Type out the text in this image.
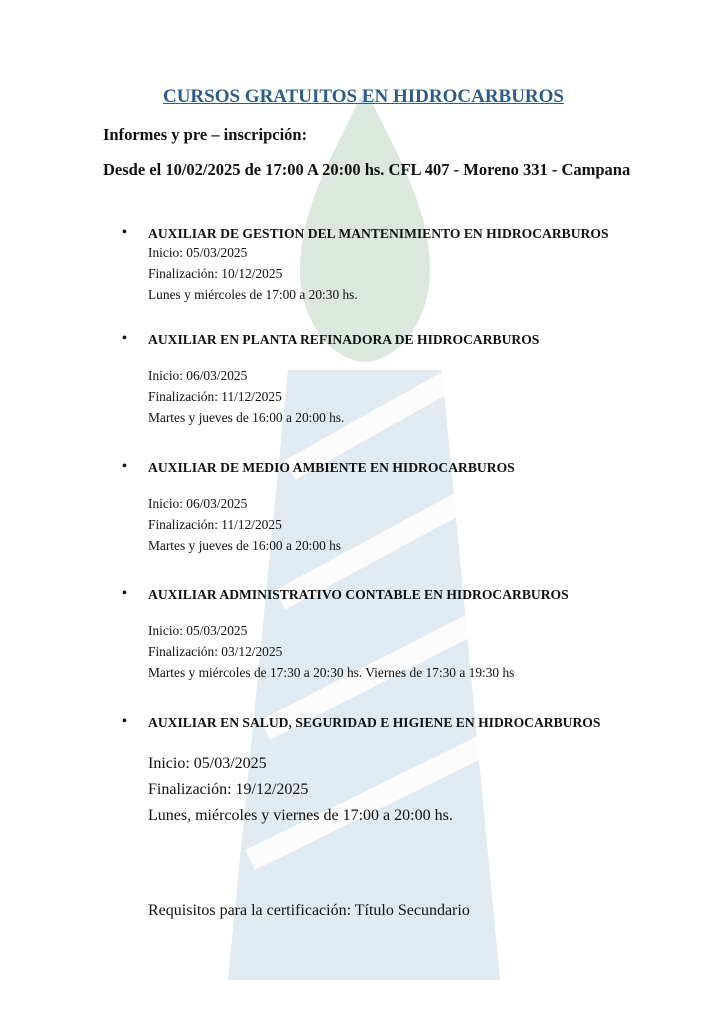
CURSOS GRATUITOS EN HIDROCARBUROS

Informes y pre – inscripción:

Desde el 10/02/2025 de 17:00 A 20:00 hs. CFL 407 - Moreno 331 - Campana

• AUXILIAR DE GESTION DEL MANTENIMIENTO EN HIDROCARBUROS
Inicio: 05/03/2025
Finalización: 10/12/2025
Lunes y miércoles de 17:00 a 20:30 hs.
• AUXILIAR EN PLANTA REFINADORA DE HIDROCARBUROS
Inicio: 06/03/2025
Finalización: 11/12/2025
Martes y jueves de 16:00 a 20:00 hs.
• AUXILIAR DE MEDIO AMBIENTE EN HIDROCARBUROS
Inicio: 06/03/2025
Finalización: 11/12/2025
Martes y jueves de 16:00 a 20:00 hs
• AUXILIAR ADMINISTRATIVO CONTABLE EN HIDROCARBUROS
Inicio: 05/03/2025
Finalización: 03/12/2025
Martes y miércoles de 17:30 a 20:30 hs. Viernes de 17:30 a 19:30 hs
• AUXILIAR EN SALUD, SEGURIDAD E HIGIENE EN HIDROCARBUROS
Inicio: 05/03/2025
Finalización: 19/12/2025
Lunes, miércoles y viernes de 17:00 a 20:00 hs.

Requisitos para la certificación: Título Secundario
